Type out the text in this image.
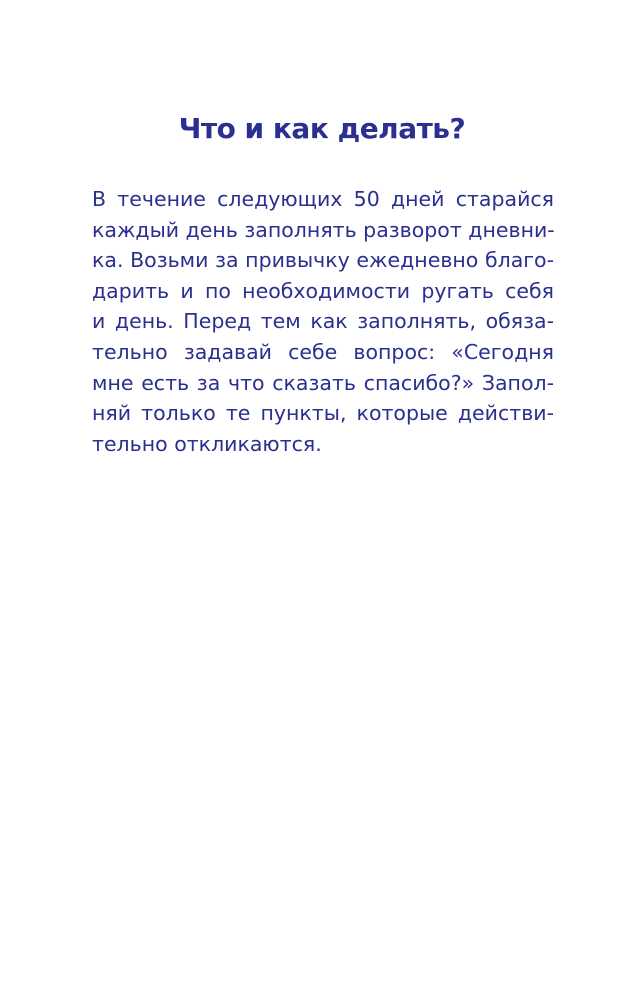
Что и как делать?

В течение следующих 50 дней старайся
каждый день заполнять разворот дневни-
ка. Возьми за привычку ежедневно благо-
дарить и по необходимости ругать себя
и день. Перед тем как заполнять, обяза-
тельно задавай себе вопрос: «Сегодня
мне есть за что сказать спасибо?» Запол-
няй только те пункты, которые действи-
тельно откликаются.
